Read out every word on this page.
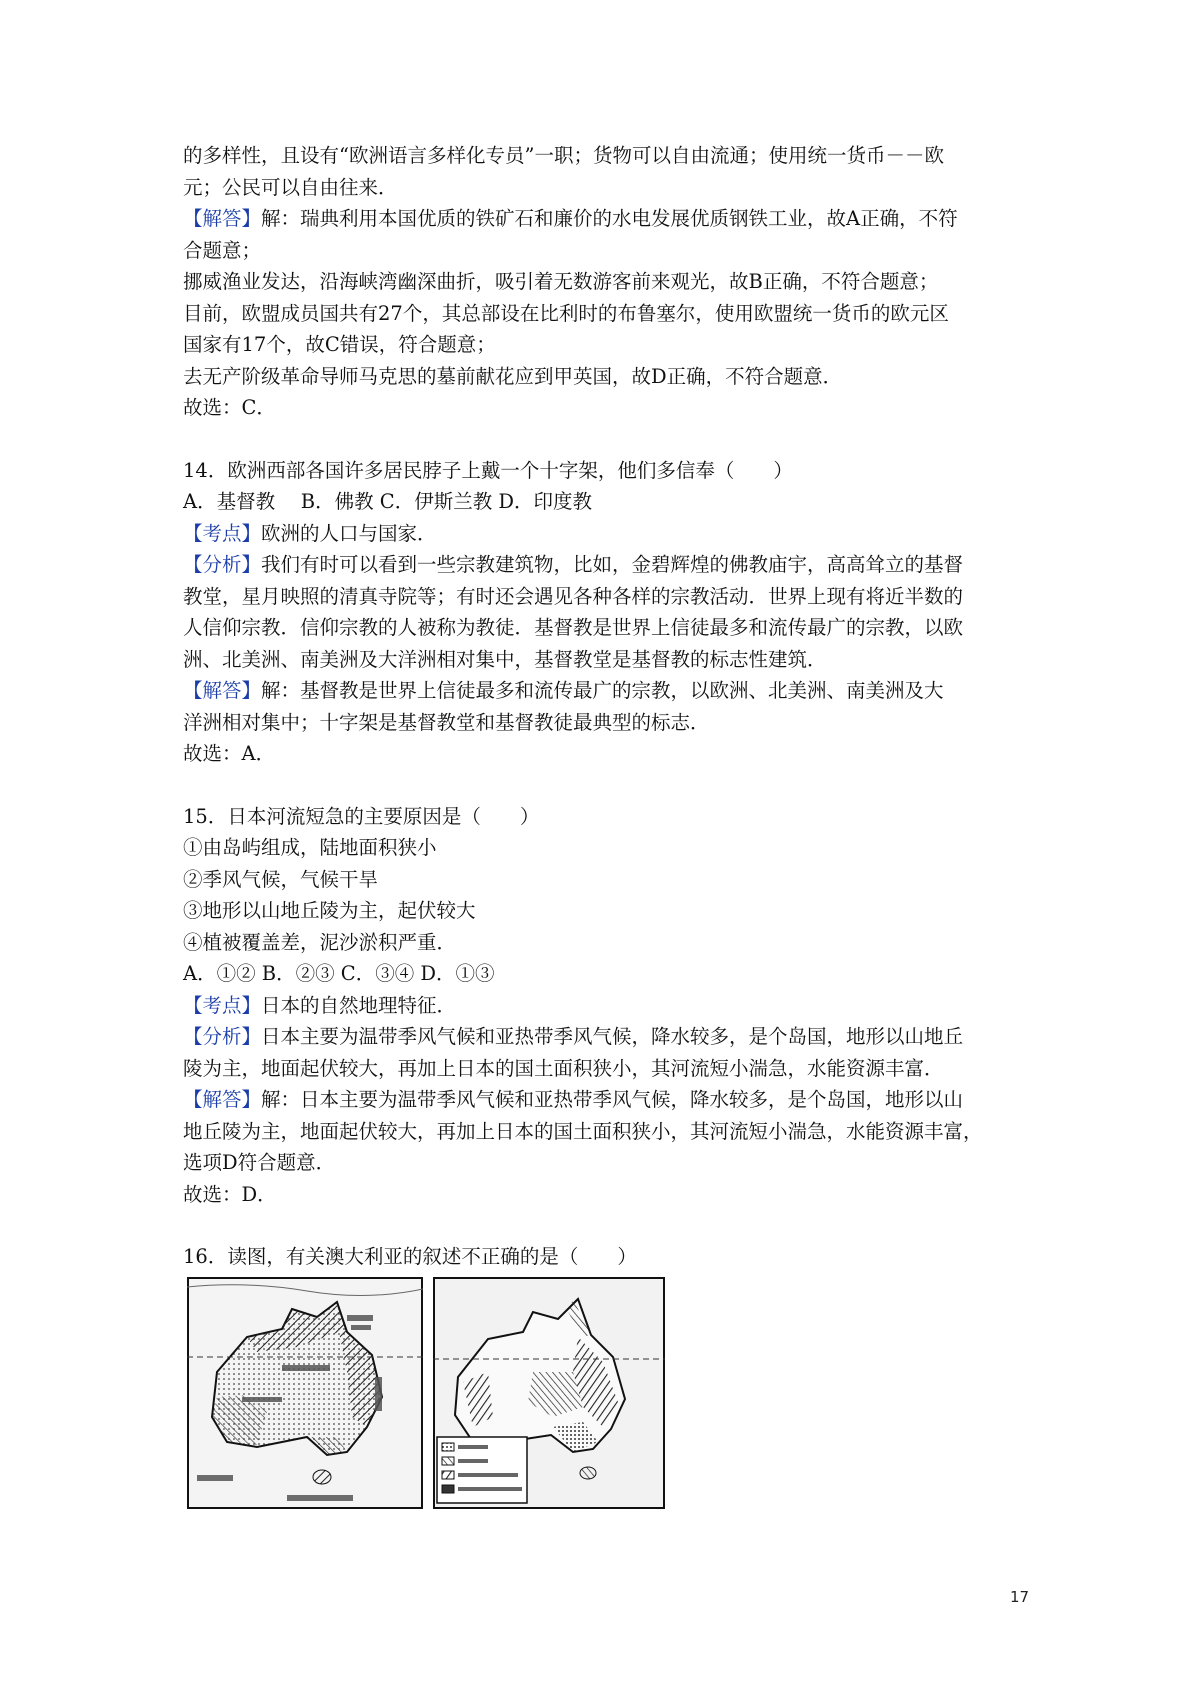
的多样性，且设有“欧洲语言多样化专员”一职；货物可以自由流通；使用统一货币－－欧

元；公民可以自由往来．

【解答】解：瑞典利用本国优质的铁矿石和廉价的水电发展优质钢铁工业，故A正确，不符

合题意；

挪威渔业发达，沿海峡湾幽深曲折，吸引着无数游客前来观光，故B正确，不符合题意；

目前，欧盟成员国共有27个，其总部设在比利时的布鲁塞尔，使用欧盟统一货币的欧元区

国家有17个，故C错误，符合题意；

去无产阶级革命导师马克思的墓前献花应到甲英国，故D正确，不符合题意．

故选：C．

14．欧洲西部各国许多居民脖子上戴一个十字架，他们多信奉（　　）

A．基督教　 B．佛教 C．伊斯兰教 D．印度教

【考点】欧洲的人口与国家．

【分析】我们有时可以看到一些宗教建筑物，比如，金碧辉煌的佛教庙宇，高高耸立的基督

教堂，星月映照的清真寺院等；有时还会遇见各种各样的宗教活动．世界上现有将近半数的

人信仰宗教．信仰宗教的人被称为教徒．基督教是世界上信徒最多和流传最广的宗教，以欧

洲、北美洲、南美洲及大洋洲相对集中，基督教堂是基督教的标志性建筑．

【解答】解：基督教是世界上信徒最多和流传最广的宗教，以欧洲、北美洲、南美洲及大

洋洲相对集中；十字架是基督教堂和基督教徒最典型的标志．

故选：A．

15．日本河流短急的主要原因是（　　）

①由岛屿组成，陆地面积狭小

②季风气候，气候干旱

③地形以山地丘陵为主，起伏较大

④植被覆盖差，泥沙淤积严重．

A．①② B．②③ C．③④ D．①③

【考点】日本的自然地理特征．

【分析】日本主要为温带季风气候和亚热带季风气候，降水较多，是个岛国，地形以山地丘

陵为主，地面起伏较大，再加上日本的国土面积狭小，其河流短小湍急，水能资源丰富．

【解答】解：日本主要为温带季风气候和亚热带季风气候，降水较多，是个岛国，地形以山

地丘陵为主，地面起伏较大，再加上日本的国土面积狭小，其河流短小湍急，水能资源丰富，

选项D符合题意．

故选：D．

16．读图，有关澳大利亚的叙述不正确的是（　　）

17
